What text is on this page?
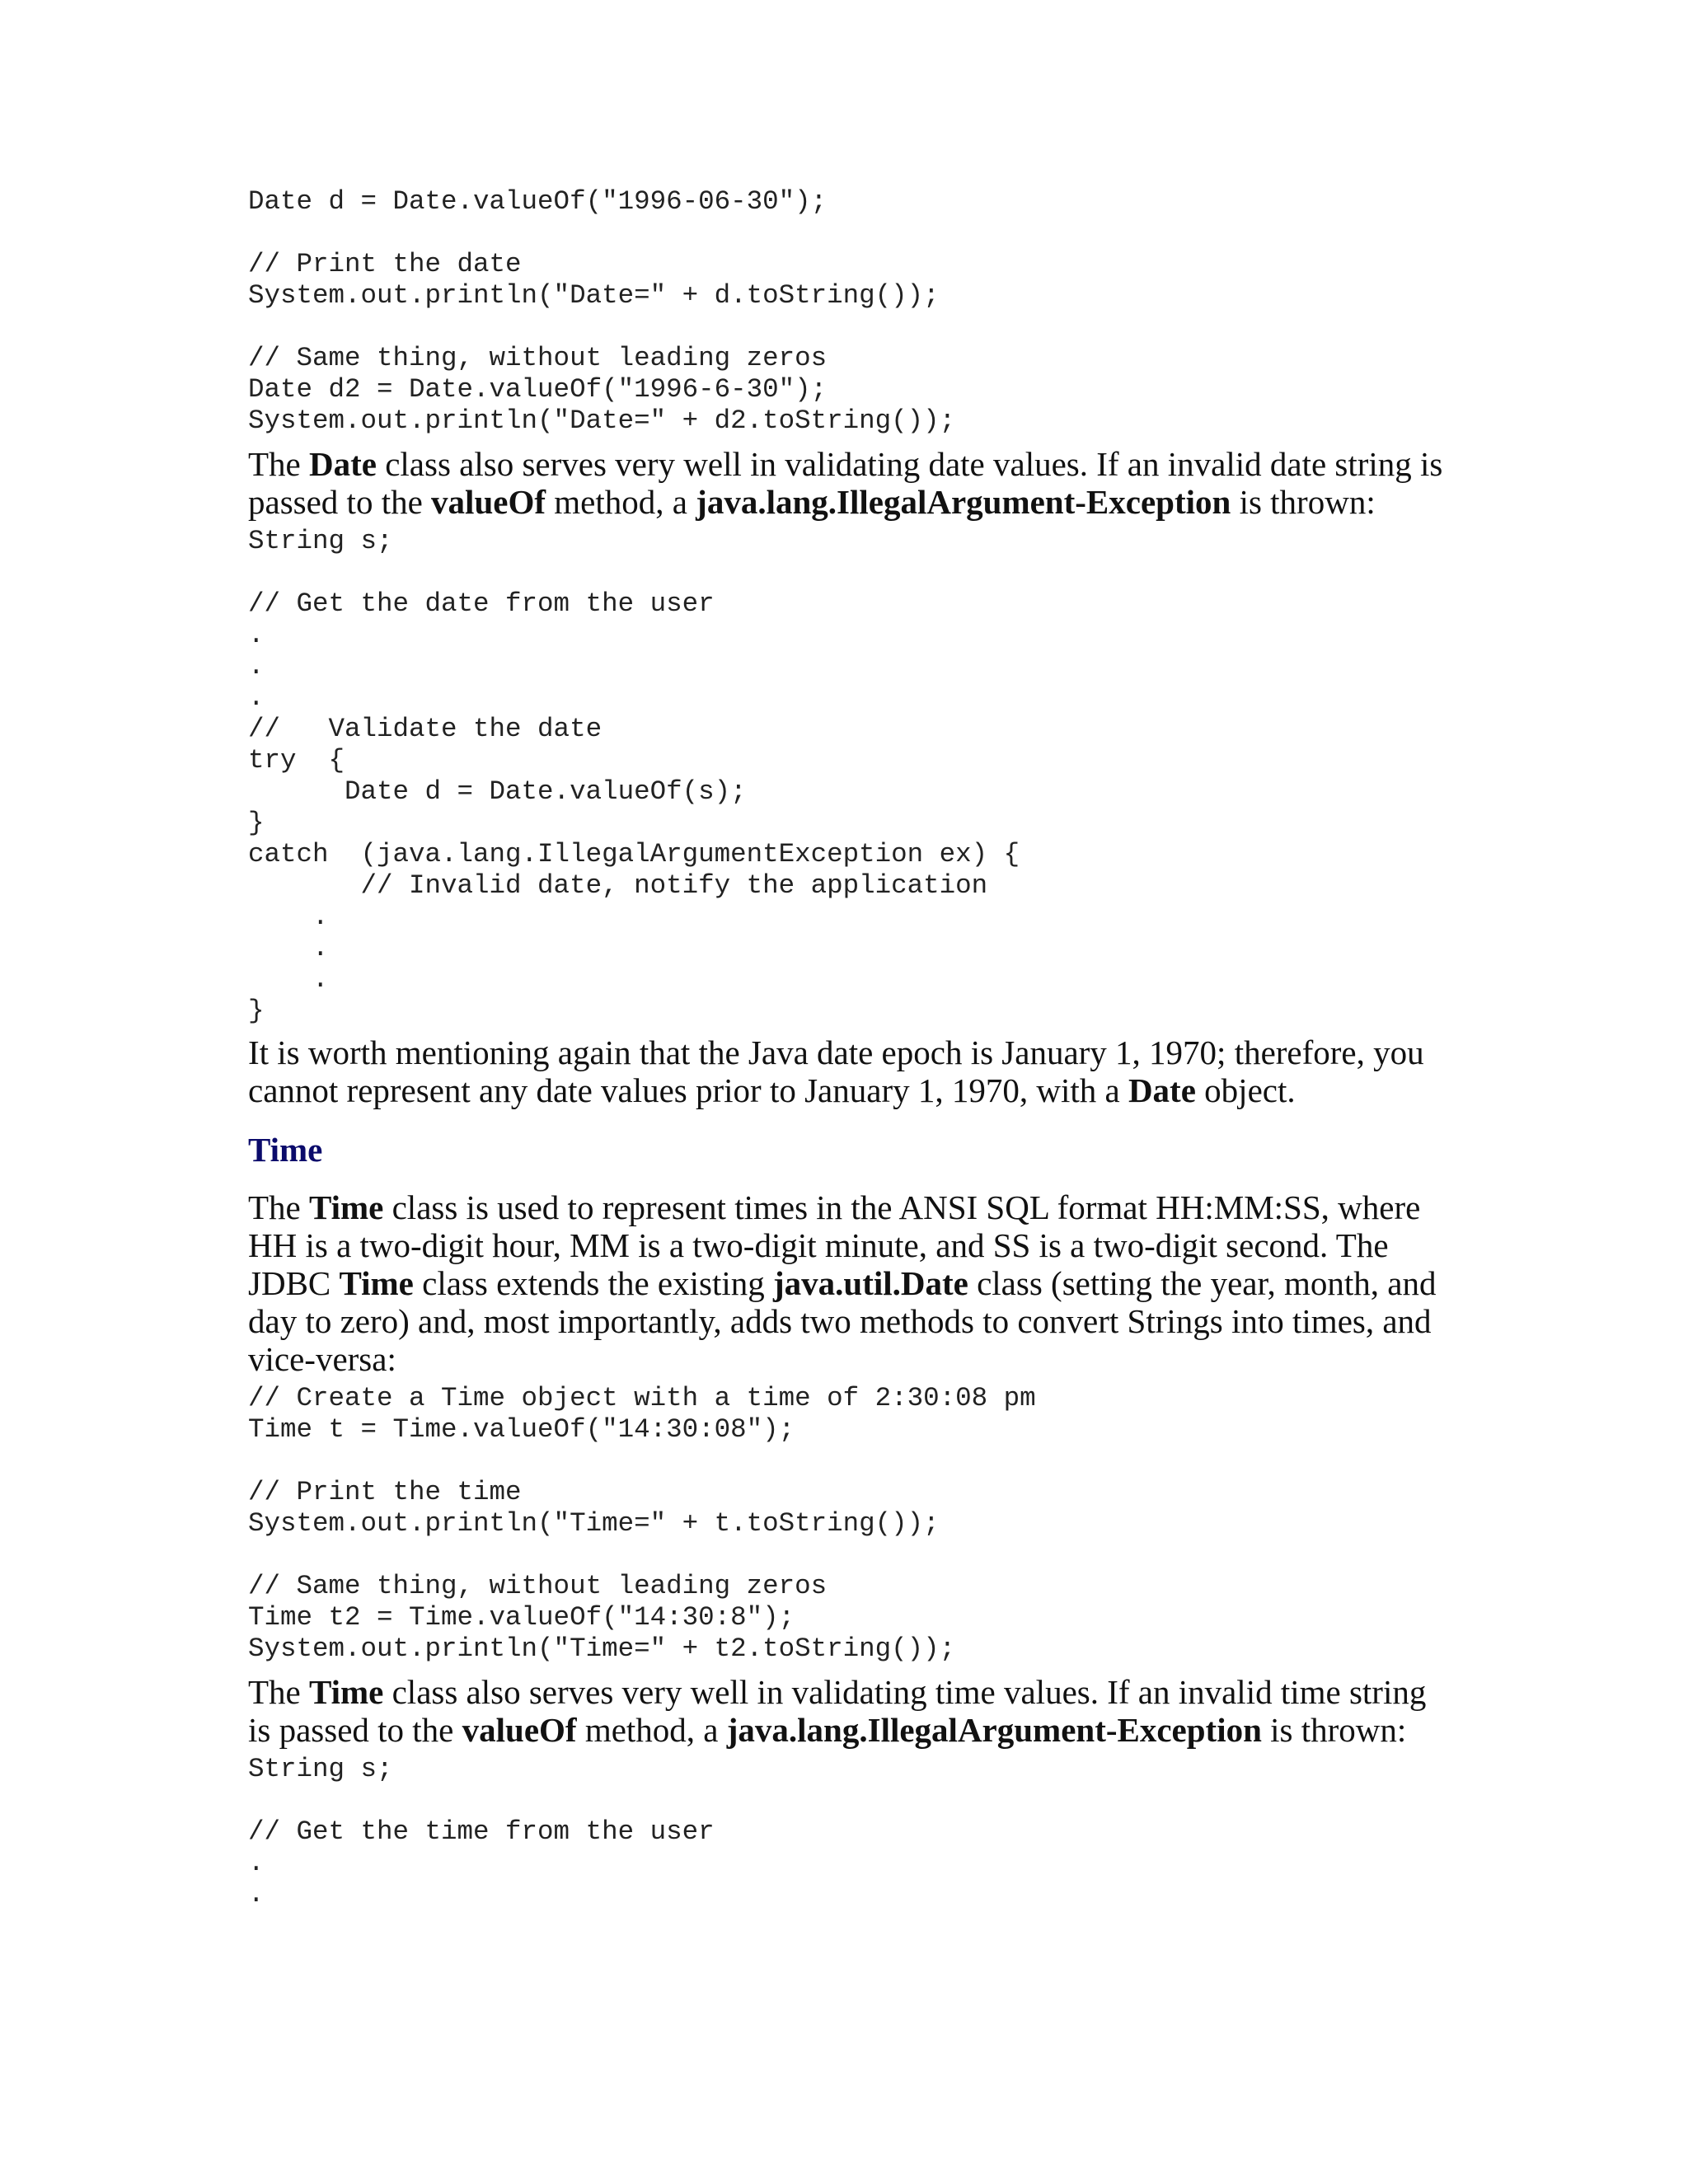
Date d = Date.valueOf("1996-06-30");

// Print the date
System.out.println("Date=" + d.toString());

// Same thing, without leading zeros
Date d2 = Date.valueOf("1996-6-30");
System.out.println("Date=" + d2.toString());

The Date class also serves very well in validating date values. If an invalid date string is passed to the valueOf method, a java.lang.IllegalArgument-Exception is thrown:

String s;

// Get the date from the user
.
.
.
//   Validate the date
try  {
Date d = Date.valueOf(s);
}
catch  (java.lang.IllegalArgumentException ex) {
// Invalid date, notify the application
.
.
.
}

It is worth mentioning again that the Java date epoch is January 1, 1970; therefore, you cannot represent any date values prior to January 1, 1970, with a Date object.

Time

The Time class is used to represent times in the ANSI SQL format HH:MM:SS, where HH is a two-digit hour, MM is a two-digit minute, and SS is a two-digit second. The JDBC Time class extends the existing java.util.Date class (setting the year, month, and day to zero) and, most importantly, adds two methods to convert Strings into times, and vice-versa:

// Create a Time object with a time of 2:30:08 pm
Time t = Time.valueOf("14:30:08");

// Print the time
System.out.println("Time=" + t.toString());

// Same thing, without leading zeros
Time t2 = Time.valueOf("14:30:8");
System.out.println("Time=" + t2.toString());

The Time class also serves very well in validating time values. If an invalid time string is passed to the valueOf method, a java.lang.IllegalArgument-Exception is thrown:

String s;

// Get the time from the user
.
.
